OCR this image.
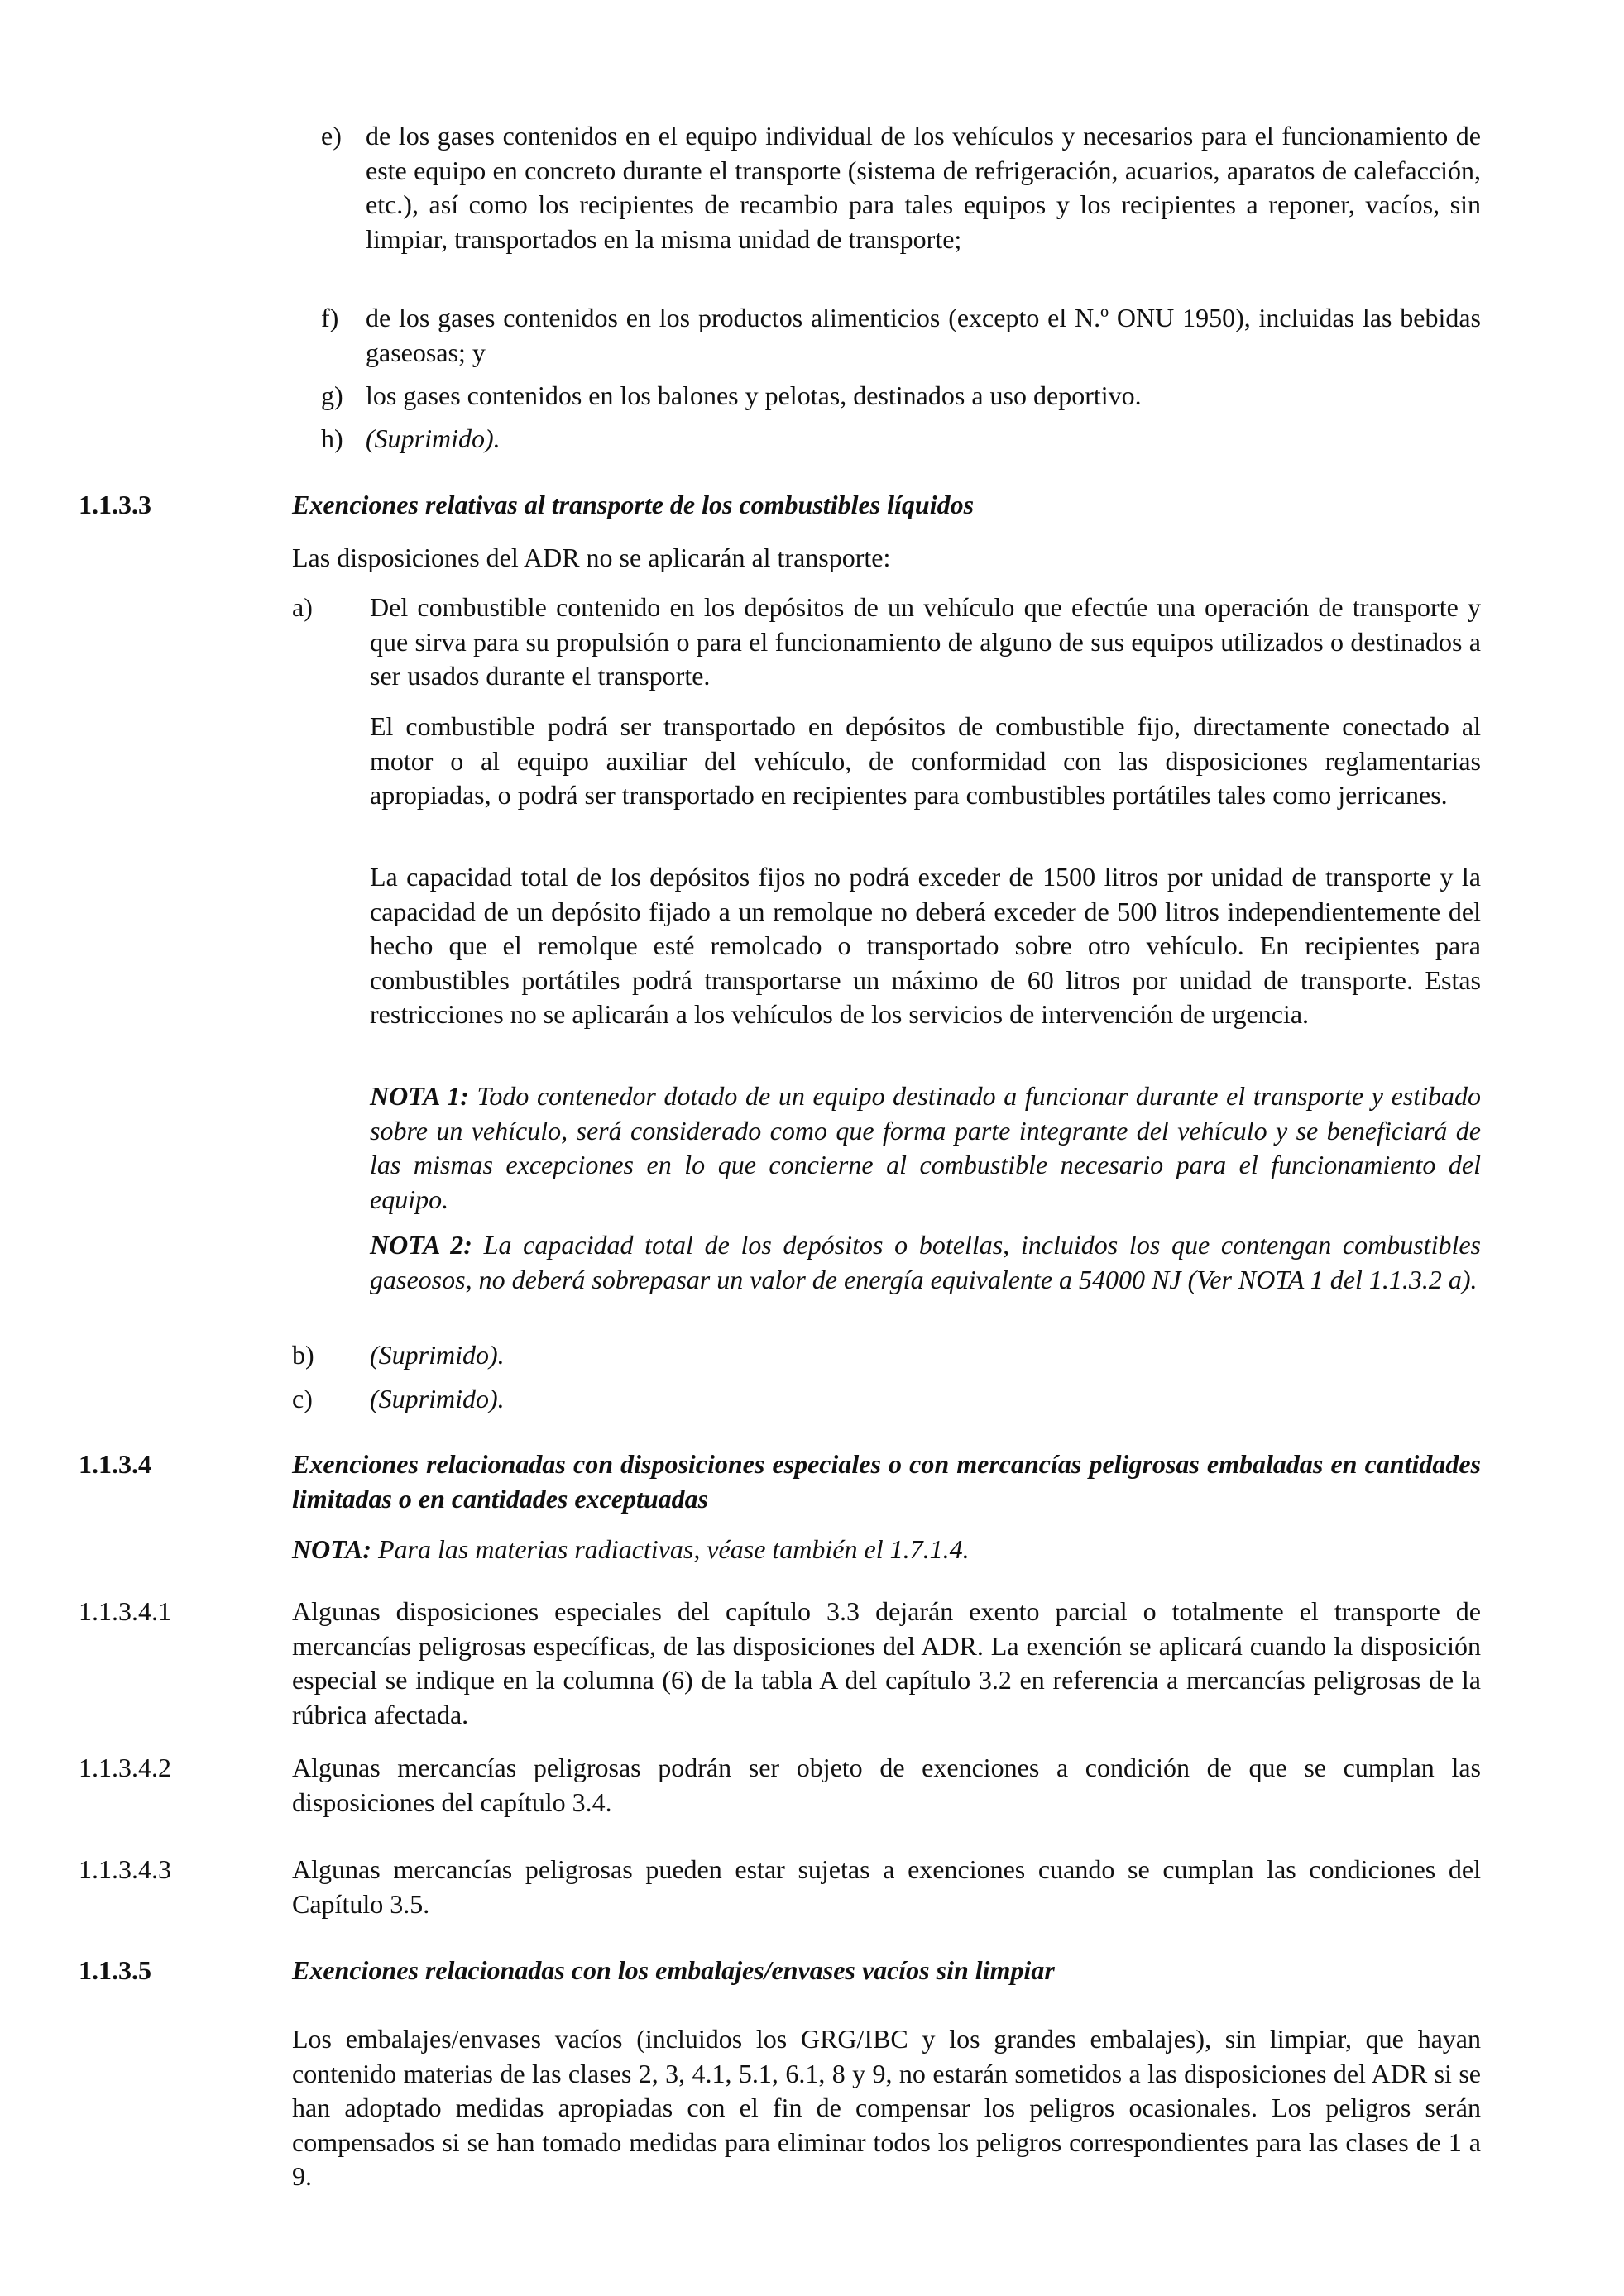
e) de los gases contenidos en el equipo individual de los vehículos y necesarios para el funcionamiento de este equipo en concreto durante el transporte (sistema de refrigeración, acuarios, aparatos de calefacción, etc.), así como los recipientes de recambio para tales equipos y los recipientes a reponer, vacíos, sin limpiar, transportados en la misma unidad de transporte;
f) de los gases contenidos en los productos alimenticios (excepto el N.º ONU 1950), incluidas las bebidas gaseosas; y
g) los gases contenidos en los balones y pelotas, destinados a uso deportivo.
h) (Suprimido).
1.1.3.3	Exenciones relativas al transporte de los combustibles líquidos

Las disposiciones del ADR no se aplicarán al transporte:

a) Del combustible contenido en los depósitos de un vehículo que efectúe una operación de transporte y que sirva para su propulsión o para el funcionamiento de alguno de sus equipos utilizados o destinados a ser usados durante el transporte.

El combustible podrá ser transportado en depósitos de combustible fijo, directamente conectado al motor o al equipo auxiliar del vehículo, de conformidad con las disposiciones reglamentarias apropiadas, o podrá ser transportado en recipientes para combustibles portátiles tales como jerricanes.

La capacidad total de los depósitos fijos no podrá exceder de 1500 litros por unidad de transporte y la capacidad de un depósito fijado a un remolque no deberá exceder de 500 litros independientemente del hecho que el remolque esté remolcado o transportado sobre otro vehículo. En recipientes para combustibles portátiles podrá transportarse un máximo de 60 litros por unidad de transporte. Estas restricciones no se aplicarán a los vehículos de los servicios de intervención de urgencia.

NOTA 1: Todo contenedor dotado de un equipo destinado a funcionar durante el transporte y estibado sobre un vehículo, será considerado como que forma parte integrante del vehículo y se beneficiará de las mismas excepciones en lo que concierne al combustible necesario para el funcionamiento del equipo.

NOTA 2: La capacidad total de los depósitos o botellas, incluidos los que contengan combustibles gaseosos, no deberá sobrepasar un valor de energía equivalente a 54000 NJ (Ver NOTA 1 del 1.1.3.2 a).

b) (Suprimido).
c) (Suprimido).
1.1.3.4	Exenciones relacionadas con disposiciones especiales o con mercancías peligrosas embaladas en cantidades limitadas o en cantidades exceptuadas

NOTA: Para las materias radiactivas, véase también el 1.7.1.4.

1.1.3.4.1	Algunas disposiciones especiales del capítulo 3.3 dejarán exento parcial o totalmente el transporte de mercancías peligrosas específicas, de las disposiciones del ADR. La exención se aplicará cuando la disposición especial se indique en la columna (6) de la tabla A del capítulo 3.2 en referencia a mercancías peligrosas de la rúbrica afectada.
1.1.3.4.2	Algunas mercancías peligrosas podrán ser objeto de exenciones a condición de que se cumplan las disposiciones del capítulo 3.4.
1.1.3.4.3	Algunas mercancías peligrosas pueden estar sujetas a exenciones cuando se cumplan las condiciones del Capítulo 3.5.
1.1.3.5	Exenciones relacionadas con los embalajes/envases vacíos sin limpiar

Los embalajes/envases vacíos (incluidos los GRG/IBC y los grandes embalajes), sin limpiar, que hayan contenido materias de las clases 2, 3, 4.1, 5.1, 6.1, 8 y 9, no estarán sometidos a las disposiciones del ADR si se han adoptado medidas apropiadas con el fin de compensar los peligros ocasionales. Los peligros serán compensados si se han tomado medidas para eliminar todos los peligros correspondientes para las clases de 1 a 9.
